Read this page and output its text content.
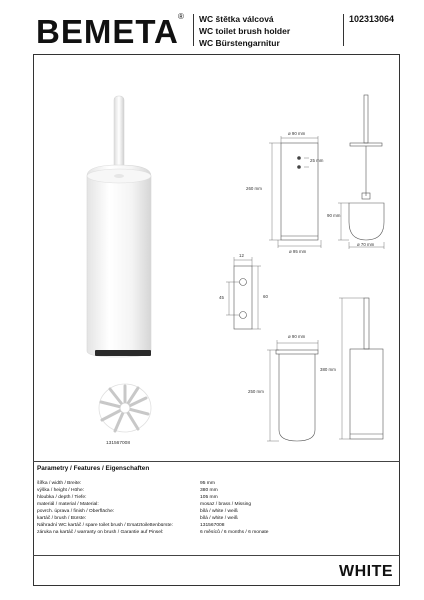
BEMETA ® WC štětka válcová
WC toilet brush holder
WC Bürstengarnitur
102313064
ø 90 mm
260 mm
ø 95 mm
25 mm
90 mm
ø 70 mm
12
45	60
ø 90 mm
250 mm
380 mm
131567008
Parametry / Features / Eigenschaften
šířka / width / Breite:	95 mm
výška / height / Höhe:	380 mm
hloubka / depth / Tiefe:	105 mm
materiál / material / Material:	mosaz / brass / Missing
povrch. úprava / finish / Oberfläche:	bílá / white / weiß
kartáč / brush / Bürste:	bílá / white / weiß
Náhradní WC kartáč / spare toilet brush / Ersatztoilettenbürste:	131567008
záruka na kartáč / warranty on brush / Garantie auf Pinsel:	6 měsíců / 6 months / 6 monate
WHITE
